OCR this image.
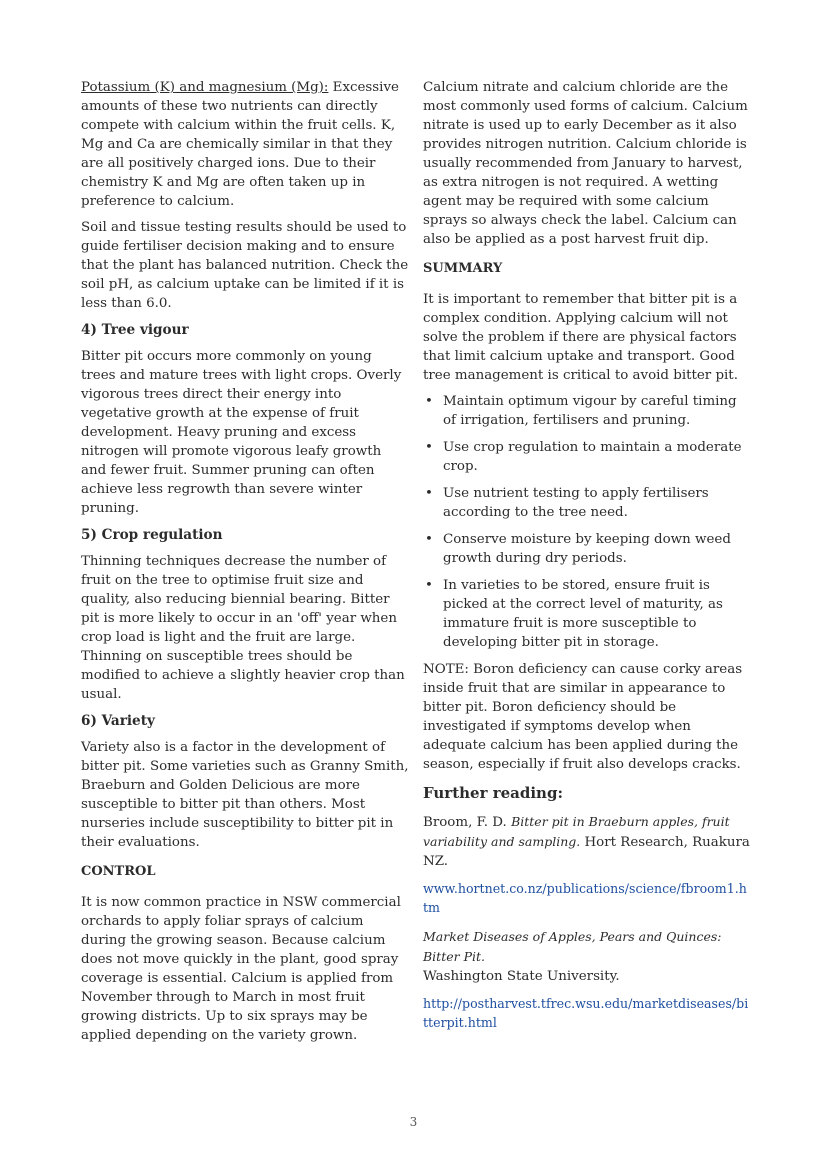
Potassium (K) and magnesium (Mg): Excessive amounts of these two nutrients can directly compete with calcium within the fruit cells. K, Mg and Ca are chemically similar in that they are all positively charged ions. Due to their chemistry K and Mg are often taken up in preference to calcium.

Soil and tissue testing results should be used to guide fertiliser decision making and to ensure that the plant has balanced nutrition. Check the soil pH, as calcium uptake can be limited if it is less than 6.0.

4) Tree vigour

Bitter pit occurs more commonly on young trees and mature trees with light crops. Overly vigorous trees direct their energy into vegetative growth at the expense of fruit development. Heavy pruning and excess nitrogen will promote vigorous leafy growth and fewer fruit. Summer pruning can often achieve less regrowth than severe winter pruning.

5) Crop regulation

Thinning techniques decrease the number of fruit on the tree to optimise fruit size and quality, also reducing biennial bearing. Bitter pit is more likely to occur in an 'off' year when crop load is light and the fruit are large. Thinning on susceptible trees should be modified to achieve a slightly heavier crop than usual.

6) Variety

Variety also is a factor in the development of bitter pit. Some varieties such as Granny Smith, Braeburn and Golden Delicious are more susceptible to bitter pit than others. Most nurseries include susceptibility to bitter pit in their evaluations.

CONTROL

It is now common practice in NSW commercial orchards to apply foliar sprays of calcium during the growing season. Because calcium does not move quickly in the plant, good spray coverage is essential. Calcium is applied from November through to March in most fruit growing districts. Up to six sprays may be applied depending on the variety grown.

Calcium nitrate and calcium chloride are the most commonly used forms of calcium. Calcium nitrate is used up to early December as it also provides nitrogen nutrition. Calcium chloride is usually recommended from January to harvest, as extra nitrogen is not required. A wetting agent may be required with some calcium sprays so always check the label. Calcium can also be applied as a post harvest fruit dip.

SUMMARY

It is important to remember that bitter pit is a complex condition. Applying calcium will not solve the problem if there are physical factors that limit calcium uptake and transport. Good tree management is critical to avoid bitter pit.

• Maintain optimum vigour by careful timing of irrigation, fertilisers and pruning.
• Use crop regulation to maintain a moderate crop.
• Use nutrient testing to apply fertilisers according to the tree need.
• Conserve moisture by keeping down weed growth during dry periods.
• In varieties to be stored, ensure fruit is picked at the correct level of maturity, as immature fruit is more susceptible to developing bitter pit in storage.

NOTE: Boron deficiency can cause corky areas inside fruit that are similar in appearance to bitter pit. Boron deficiency should be investigated if symptoms develop when adequate calcium has been applied during the season, especially if fruit also develops cracks.

Further reading:

Broom, F. D. Bitter pit in Braeburn apples, fruit variability and sampling. Hort Research, Ruakura NZ.

www.hortnet.co.nz/publications/science/fbroom1.htm

Market Diseases of Apples, Pears and Quinces: Bitter Pit.
Washington State University.

http://postharvest.tfrec.wsu.edu/marketdiseases/bitterpit.html
3
